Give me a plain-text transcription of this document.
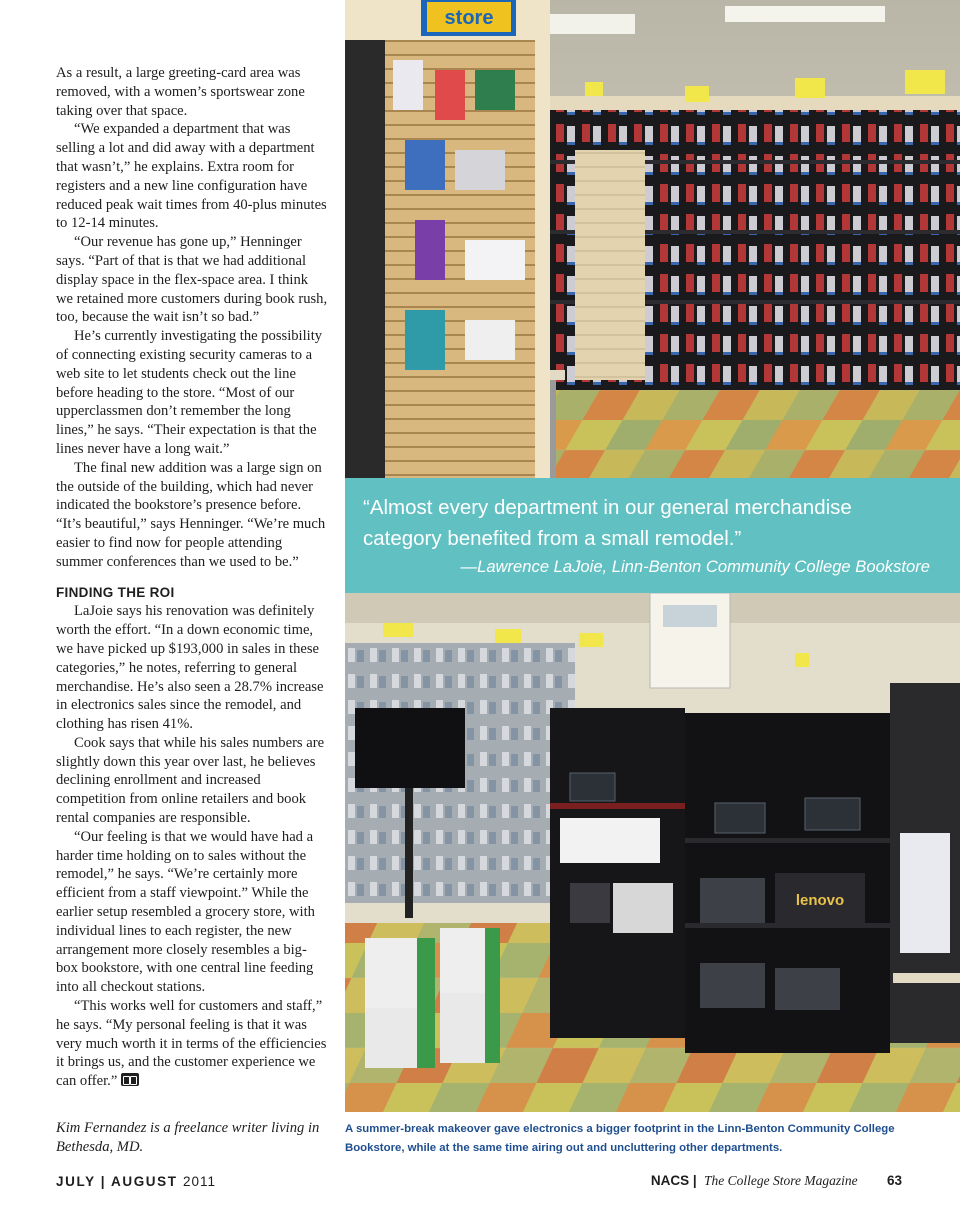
As a result, a large greeting-card area was removed, with a women’s sportswear zone taking over that space.

“We expanded a department that was selling a lot and did away with a department that wasn’t,” he explains. Extra room for registers and a new line configuration have reduced peak wait times from 40-plus minutes to 12-14 minutes.

“Our revenue has gone up,” Henninger says. “Part of that is that we had additional display space in the flex-space area. I think we retained more customers during book rush, too, because the wait isn’t so bad.”

He’s currently investigating the possibility of connecting existing security cameras to a web site to let students check out the line before heading to the store. “Most of our upperclassmen don’t remember the long lines,” he says. “Their expectation is that the lines never have a long wait.”

The final new addition was a large sign on the outside of the building, which had never indicated the bookstore’s presence before. “It’s beautiful,” says Henninger. “We’re much easier to find now for people attending summer conferences than we used to be.”

FINDING THE ROI

LaJoie says his renovation was definitely worth the effort. “In a down economic time, we have picked up $193,000 in sales in these categories,” he notes, referring to general merchandise. He’s also seen a 28.7% increase in electronics sales since the remodel, and clothing has risen 41%.

Cook says that while his sales numbers are slightly down this year over last, he believes declining enrollment and increased competition from online retailers and book rental companies are responsible.

“Our feeling is that we would have had a harder time holding on to sales without the remodel,” he says. “We’re certainly more efficient from a staff viewpoint.” While the earlier setup resembled a grocery store, with individual lines to each register, the new arrangement more closely resembles a big-box bookstore, with one central line feeding into all checkout stations.

“This works well for customers and staff,” he says. “My personal feeling is that it was very much worth it in terms of the efficiencies it brings us, and the customer experience we can offer.”

Kim Fernandez is a freelance writer living in Bethesda, MD.
store
“Almost every department in our general merchandise category benefited from a small remodel.”
—Lawrence LaJoie, Linn-Benton Community College Bookstore
lenovo
A summer-break makeover gave electronics a bigger footprint in the Linn-Benton Community College Bookstore, while at the same time airing out and uncluttering other departments.
JULY | AUGUST 2011	NACS | The College Store Magazine 63
